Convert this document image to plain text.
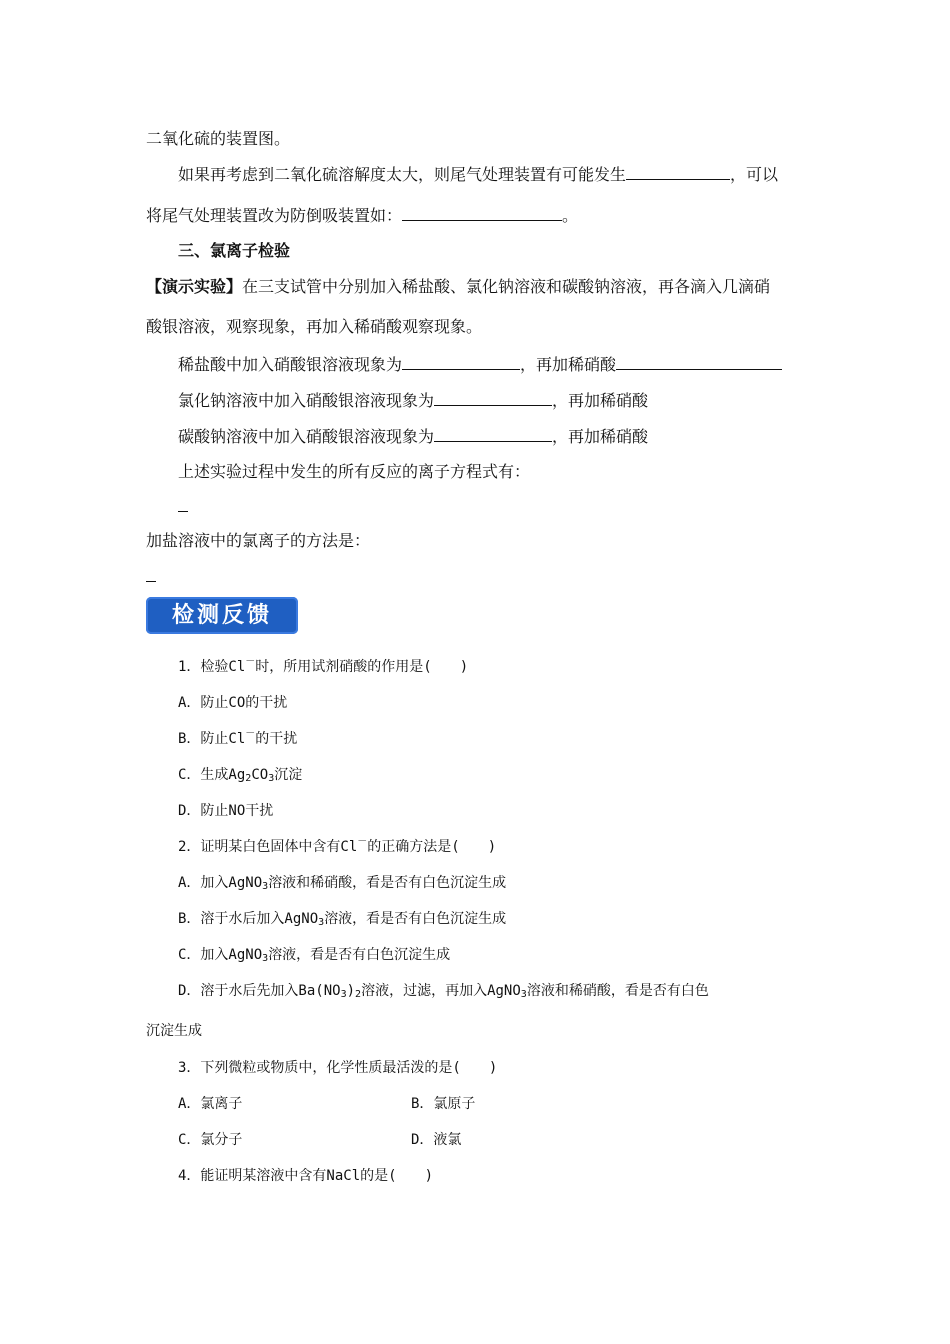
二氧化硫的装置图。
如果再考虑到二氧化硫溶解度太大，则尾气处理装置有可能发生	，可以
将尾气处理装置改为防倒吸装置如：	。
三、氯离子检验
【演示实验】在三支试管中分别加入稀盐酸、氯化钠溶液和碳酸钠溶液，再各滴入几滴硝
酸银溶液，观察现象，再加入稀硝酸观察现象。
稀盐酸中加入硝酸银溶液现象为	，再加稀硝酸
氯化钠溶液中加入硝酸银溶液现象为	，再加稀硝酸
碳酸钠溶液中加入硝酸银溶液现象为	，再加稀硝酸
上述实验过程中发生的所有反应的离子方程式有：
加盐溶液中的氯离子的方法是：
检测反馈
1．检验Cl－时，所用试剂硝酸的作用是(　　)
A．防止CO的干扰
B．防止Cl－的干扰
C．生成$Ag_2CO_3$沉淀
D．防止NO干扰
2．证明某白色固体中含有Cl－的正确方法是(　　)
A．加入AgNO$_3$溶液和稀硝酸，看是否有白色沉淀生成
B．溶于水后加入AgNO$_3$溶液，看是否有白色沉淀生成
C．加入AgNO$_3$溶液，看是否有白色沉淀生成
D．溶于水后先加入$Ba(NO_3)_2$溶液，过滤，再加入AgNO$_3$溶液和稀硝酸，看是否有白色
沉淀生成
3．下列微粒或物质中，化学性质最活泼的是(　　)
A．氯离子	B．氯原子
C．氯分子	D．液氯
4．能证明某溶液中含有NaCl的是(　　)
